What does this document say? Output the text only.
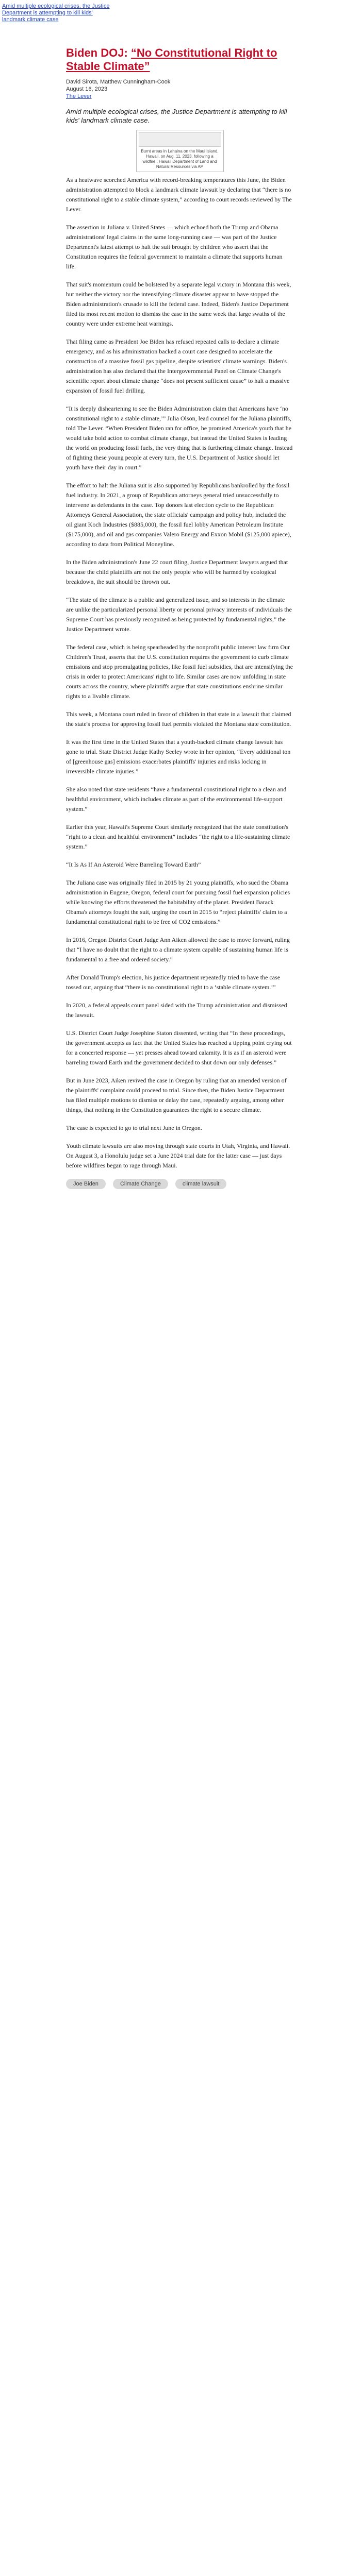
Amid multiple ecological crises, the Justice Department is attempting to kill kids' landmark climate case
Biden DOJ: “No Constitutional Right to Stable Climate”
David Sirota, Matthew Cunningham-Cook
August 16, 2023
The Lever
Amid multiple ecological crises, the Justice Department is attempting to kill kids' landmark climate case.
Burnt areas in Lahaina on the Maui Island, Hawaii, on Aug. 11, 2023, following a wildfire., Hawaii Department of Land and Natural Resources via AP

As a heatwave scorched America with record-breaking temperatures this June, the Biden administration attempted to block a landmark climate lawsuit by declaring that “there is no constitutional right to a stable climate system,” according to court records reviewed by The Lever.

The assertion in Juliana v. United States — which echoed both the Trump and Obama administrations' legal claims in the same long-running case — was part of the Justice Department's latest attempt to halt the suit brought by children who assert that the Constitution requires the federal government to maintain a climate that supports human life.

That suit's momentum could be bolstered by a separate legal victory in Montana this week, but neither the victory nor the intensifying climate disaster appear to have stopped the Biden administration's crusade to kill the federal case. Indeed, Biden's Justice Department filed its most recent motion to dismiss the case in the same week that large swaths of the country were under extreme heat warnings.

That filing came as President Joe Biden has refused repeated calls to declare a climate emergency, and as his administration backed a court case designed to accelerate the construction of a massive fossil gas pipeline, despite scientists' climate warnings. Biden's administration has also declared that the Intergovernmental Panel on Climate Change's scientific report about climate change “does not present sufficient cause” to halt a massive expansion of fossil fuel drilling.

“It is deeply disheartening to see the Biden Administration claim that Americans have ‘no constitutional right to a stable climate,’” Julia Olson, lead counsel for the Juliana plaintiffs, told The Lever. “When President Biden ran for office, he promised America's youth that he would take bold action to combat climate change, but instead the United States is leading the world on producing fossil fuels, the very thing that is furthering climate change. Instead of fighting these young people at every turn, the U.S. Department of Justice should let youth have their day in court.”

The effort to halt the Juliana suit is also supported by Republicans bankrolled by the fossil fuel industry. In 2021, a group of Republican attorneys general tried unsuccessfully to intervene as defendants in the case. Top donors last election cycle to the Republican Attorneys General Association, the state officials' campaign and policy hub, included the oil giant Koch Industries ($885,000), the fossil fuel lobby American Petroleum Institute ($175,000), and oil and gas companies Valero Energy and Exxon Mobil ($125,000 apiece), according to data from Political Moneyline.

In the Biden administration's June 22 court filing, Justice Department lawyers argued that because the child plaintiffs are not the only people who will be harmed by ecological breakdown, the suit should be thrown out.

“The state of the climate is a public and generalized issue, and so interests in the climate are unlike the particularized personal liberty or personal privacy interests of individuals the Supreme Court has previously recognized as being protected by fundamental rights,” the Justice Department wrote.

The federal case, which is being spearheaded by the nonprofit public interest law firm Our Children's Trust, asserts that the U.S. constitution requires the government to curb climate emissions and stop promulgating policies, like fossil fuel subsidies, that are intensifying the crisis in order to protect Americans' right to life. Similar cases are now unfolding in state courts across the country, where plaintiffs argue that state constitutions enshrine similar rights to a livable climate.

This week, a Montana court ruled in favor of children in that state in a lawsuit that claimed the state's process for approving fossil fuel permits violated the Montana state constitution.

It was the first time in the United States that a youth-backed climate change lawsuit has gone to trial. State District Judge Kathy Seeley wrote in her opinion, “Every additional ton of [greenhouse gas] emissions exacerbates plaintiffs' injuries and risks locking in irreversible climate injuries.”

She also noted that state residents “have a fundamental constitutional right to a clean and healthful environment, which includes climate as part of the environmental life-support system.”

Earlier this year, Hawaii's Supreme Court similarly recognized that the state constitution's “right to a clean and healthful environment” includes “the right to a life-sustaining climate system.”

“It Is As If An Asteroid Were Barreling Toward Earth”

The Juliana case was originally filed in 2015 by 21 young plaintiffs, who sued the Obama administration in Eugene, Oregon, federal court for pursuing fossil fuel expansion policies while knowing the efforts threatened the habitability of the planet. President Barack Obama's attorneys fought the suit, urging the court in 2015 to “reject plaintiffs' claim to a fundamental constitutional right to be free of CO2 emissions.”

In 2016, Oregon District Court Judge Ann Aiken allowed the case to move forward, ruling that “I have no doubt that the right to a climate system capable of sustaining human life is fundamental to a free and ordered society.”

After Donald Trump's election, his justice department repeatedly tried to have the case tossed out, arguing that “there is no constitutional right to a ‘stable climate system.’”

In 2020, a federal appeals court panel sided with the Trump administration and dismissed the lawsuit.

U.S. District Court Judge Josephine Staton dissented, writing that “In these proceedings, the government accepts as fact that the United States has reached a tipping point crying out for a concerted response — yet presses ahead toward calamity. It is as if an asteroid were barreling toward Earth and the government decided to shut down our only defenses.”

But in June 2023, Aiken revived the case in Oregon by ruling that an amended version of the plaintiffs' complaint could proceed to trial. Since then, the Biden Justice Department has filed multiple motions to dismiss or delay the case, repeatedly arguing, among other things, that nothing in the Constitution guarantees the right to a secure climate.

The case is expected to go to trial next June in Oregon.

Youth climate lawsuits are also moving through state courts in Utah, Virginia, and Hawaii. On August 3, a Honolulu judge set a June 2024 trial date for the latter case — just days before wildfires began to rage through Maui.

Joe Biden	Climate Change	climate lawsuit
